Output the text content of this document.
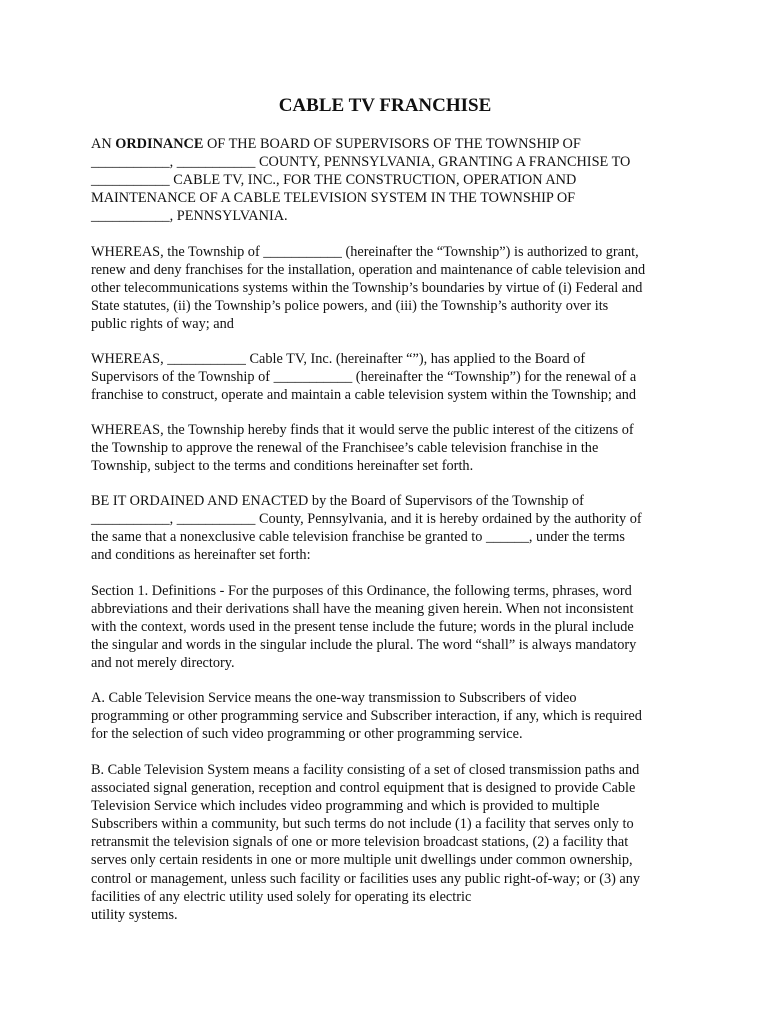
CABLE TV FRANCHISE

AN ORDINANCE OF THE BOARD OF SUPERVISORS OF THE TOWNSHIP OF
___________, ___________ COUNTY, PENNSYLVANIA, GRANTING A FRANCHISE TO
___________ CABLE TV, INC., FOR THE CONSTRUCTION, OPERATION AND
MAINTENANCE OF A CABLE TELEVISION SYSTEM IN THE TOWNSHIP OF
___________, PENNSYLVANIA.

WHEREAS, the Township of ___________ (hereinafter the “Township”) is authorized to grant,
renew and deny franchises for the installation, operation and maintenance of cable television and
other telecommunications systems within the Township’s boundaries by virtue of (i) Federal and
State statutes, (ii) the Township’s police powers, and (iii) the Township’s authority over its
public rights of way; and

WHEREAS, ___________ Cable TV, Inc. (hereinafter “”), has applied to the Board of
Supervisors of the Township of ___________ (hereinafter the “Township”) for the renewal of a
franchise to construct, operate and maintain a cable television system within the Township; and

WHEREAS, the Township hereby finds that it would serve the public interest of the citizens of
the Township to approve the renewal of the Franchisee’s cable television franchise in the
Township, subject to the terms and conditions hereinafter set forth.

BE IT ORDAINED AND ENACTED by the Board of Supervisors of the Township of
___________, ___________ County, Pennsylvania, and it is hereby ordained by the authority of
the same that a nonexclusive cable television franchise be granted to ______, under the terms
and conditions as hereinafter set forth:

Section 1. Definitions - For the purposes of this Ordinance, the following terms, phrases, word
abbreviations and their derivations shall have the meaning given herein. When not inconsistent
with the context, words used in the present tense include the future; words in the plural include
the singular and words in the singular include the plural. The word “shall” is always mandatory
and not merely directory.

A. Cable Television Service means the one-way transmission to Subscribers of video
programming or other programming service and Subscriber interaction, if any, which is required
for the selection of such video programming or other programming service.

B. Cable Television System means a facility consisting of a set of closed transmission paths and
associated signal generation, reception and control equipment that is designed to provide Cable
Television Service which includes video programming and which is provided to multiple
Subscribers within a community, but such terms do not include (1) a facility that serves only to
retransmit the television signals of one or more television broadcast stations, (2) a facility that
serves only certain residents in one or more multiple unit dwellings under common ownership,
control or management, unless such facility or facilities uses any public right-of-way; or (3) any
facilities of any electric utility used solely for operating its electric
utility systems.
